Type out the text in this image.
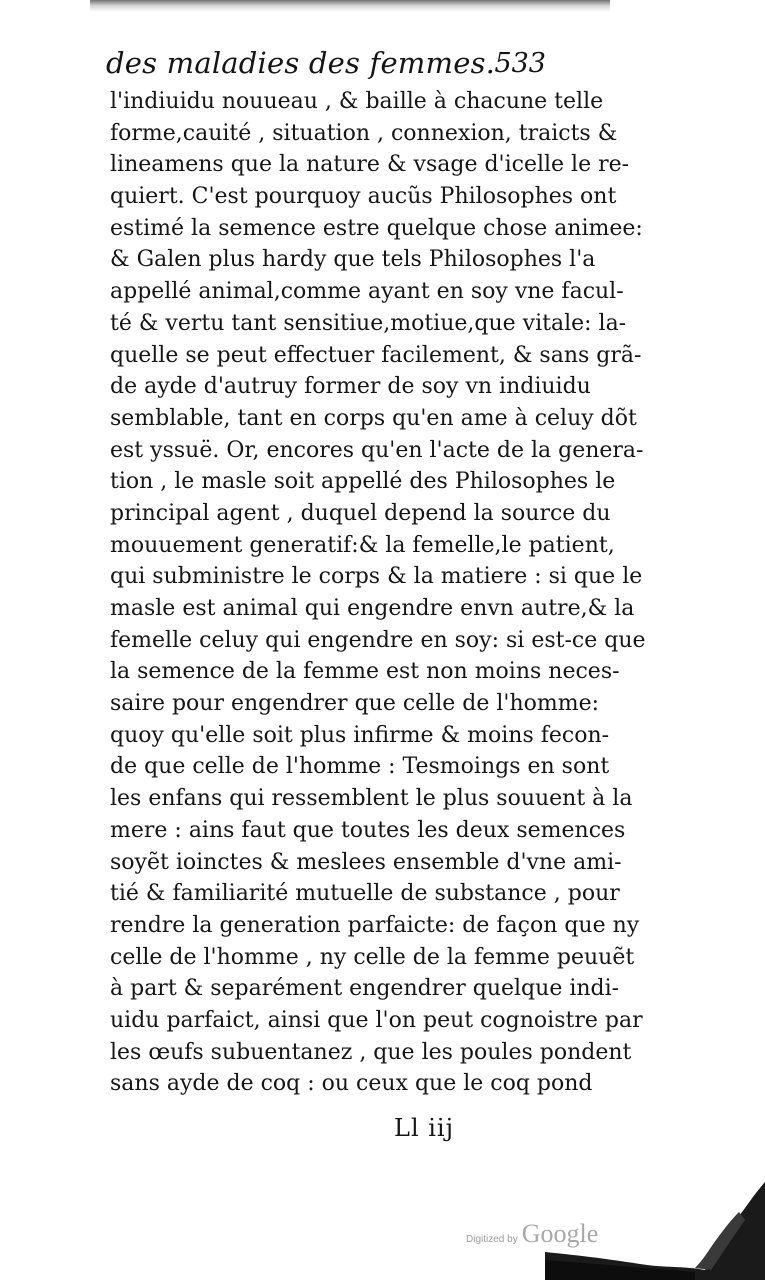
des maladies des femmes. 533
l'indiuidu nouueau , & baille à chacune telle
forme,cauité , situation , connexion, traicts &
lineamens que la nature & vsage d'icelle le re-
quiert. C'est pourquoy aucũs Philosophes ont
estimé la semence estre quelque chose animee:
& Galen plus hardy que tels Philosophes l'a
appellé animal,comme ayant en soy vne facul-
té & vertu tant sensitiue,motiue,que vitale: la-
quelle se peut effectuer facilement, & sans grã-
de ayde d'autruy former de soy vn indiuidu
semblable, tant en corps qu'en ame à celuy dõt
est yssuë. Or, encores qu'en l'acte de la genera-
tion , le masle soit appellé des Philosophes le
principal agent , duquel depend la source du
mouuement generatif:& la femelle,le patient,
qui subministre le corps & la matiere : si que le
masle est animal qui engendre envn autre,& la
femelle celuy qui engendre en soy: si est-ce que
la semence de la femme est non moins neces-
saire pour engendrer que celle de l'homme:
quoy qu'elle soit plus infirme & moins fecon-
de que celle de l'homme : Tesmoings en sont
les enfans qui ressemblent le plus souuent à la
mere : ains faut que toutes les deux semences
soyẽt ioinctes & meslees ensemble d'vne ami-
tié & familiarité mutuelle de substance , pour
rendre la generation parfaicte: de façon que ny
celle de l'homme , ny celle de la femme peuuẽt
à part & separément engendrer quelque indi-
uidu parfaict, ainsi que l'on peut cognoistre par
les œufs subuentanez , que les poules pondent
sans ayde de coq : ou ceux que le coq pond
Ll iij
Digitized by Google
